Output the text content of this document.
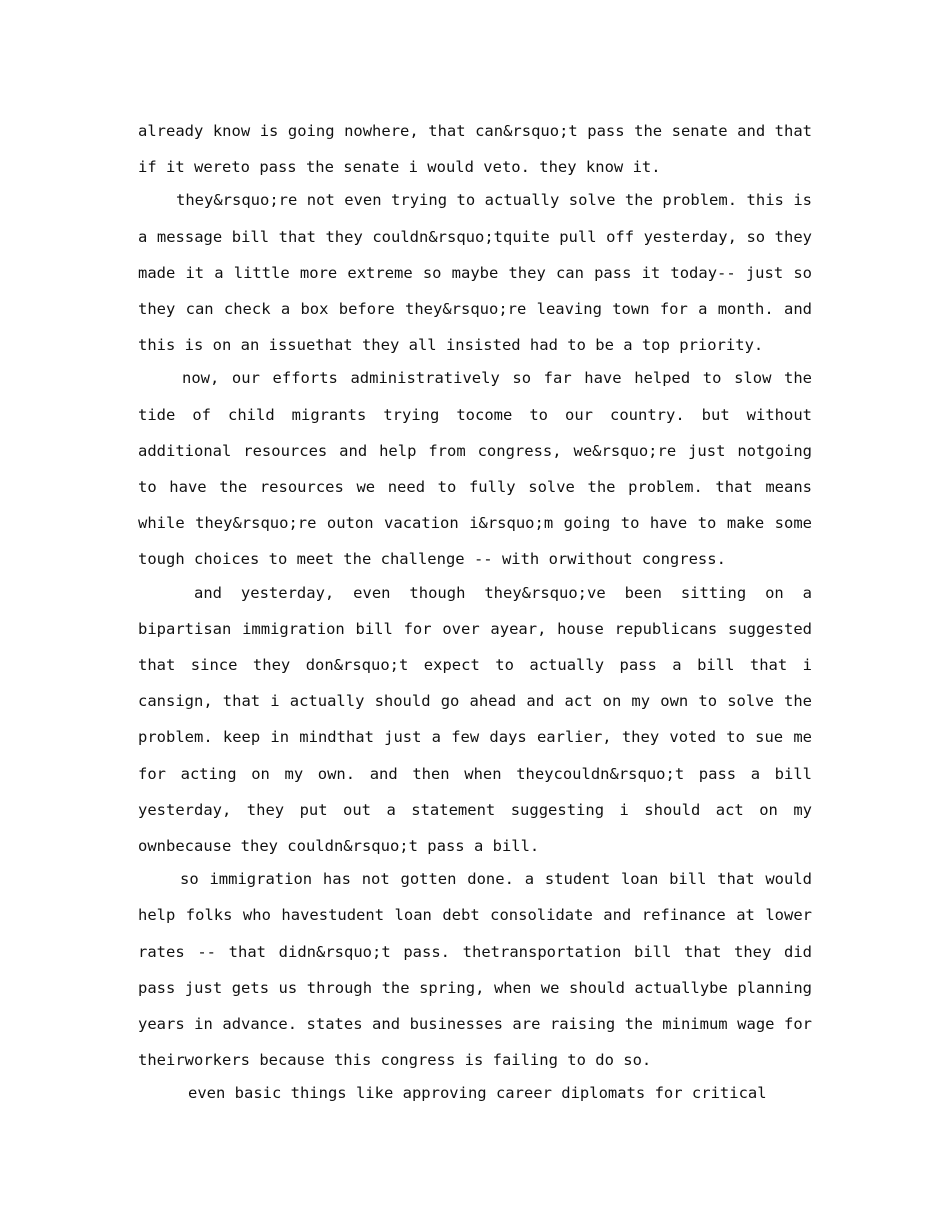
already know is going nowhere, that can&rsquo;t pass the senate and that if it wereto pass the senate i would veto. they know it.

they&rsquo;re not even trying to actually solve the problem. this is a message bill that they couldn&rsquo;tquite pull off yesterday, so they made it a little more extreme so maybe they can pass it today-- just so they can check a box before they&rsquo;re leaving town for a month. and this is on an issuethat they all insisted had to be a top priority.

now, our efforts administratively so far have helped to slow the tide of child migrants trying tocome to our country. but without additional resources and help from congress, we&rsquo;re just notgoing to have the resources we need to fully solve the problem. that means while they&rsquo;re outon vacation i&rsquo;m going to have to make some tough choices to meet the challenge -- with orwithout congress.

and yesterday, even though they&rsquo;ve been sitting on a bipartisan immigration bill for over ayear, house republicans suggested that since they don&rsquo;t expect to actually pass a bill that i cansign, that i actually should go ahead and act on my own to solve the problem. keep in mindthat just a few days earlier, they voted to sue me for acting on my own. and then when theycouldn&rsquo;t pass a bill yesterday, they put out a statement suggesting i should act on my ownbecause they couldn&rsquo;t pass a bill.

so immigration has not gotten done. a student loan bill that would help folks who havestudent loan debt consolidate and refinance at lower rates -- that didn&rsquo;t pass. thetransportation bill that they did pass just gets us through the spring, when we should actuallybe planning years in advance. states and businesses are raising the minimum wage for theirworkers because this congress is failing to do so.

even basic things like approving career diplomats for critical
